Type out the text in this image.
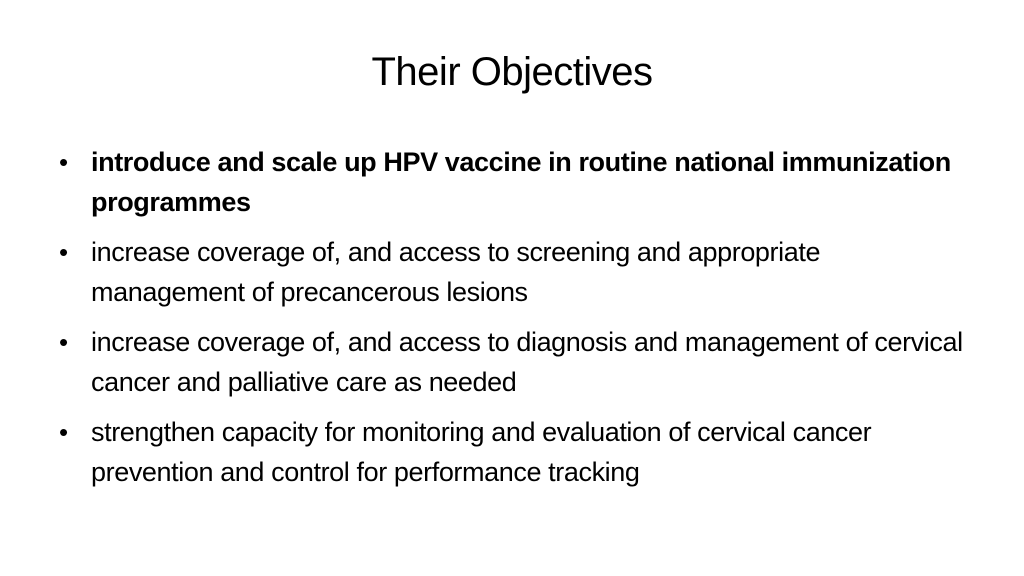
Their Objectives
• introduce and scale up HPV vaccine in routine national immunization programmes
• increase coverage of, and access to screening and appropriate management of precancerous lesions
• increase coverage of, and access to diagnosis and management of cervical cancer and palliative care as needed
• strengthen capacity for monitoring and evaluation of cervical cancer prevention and control for performance tracking
